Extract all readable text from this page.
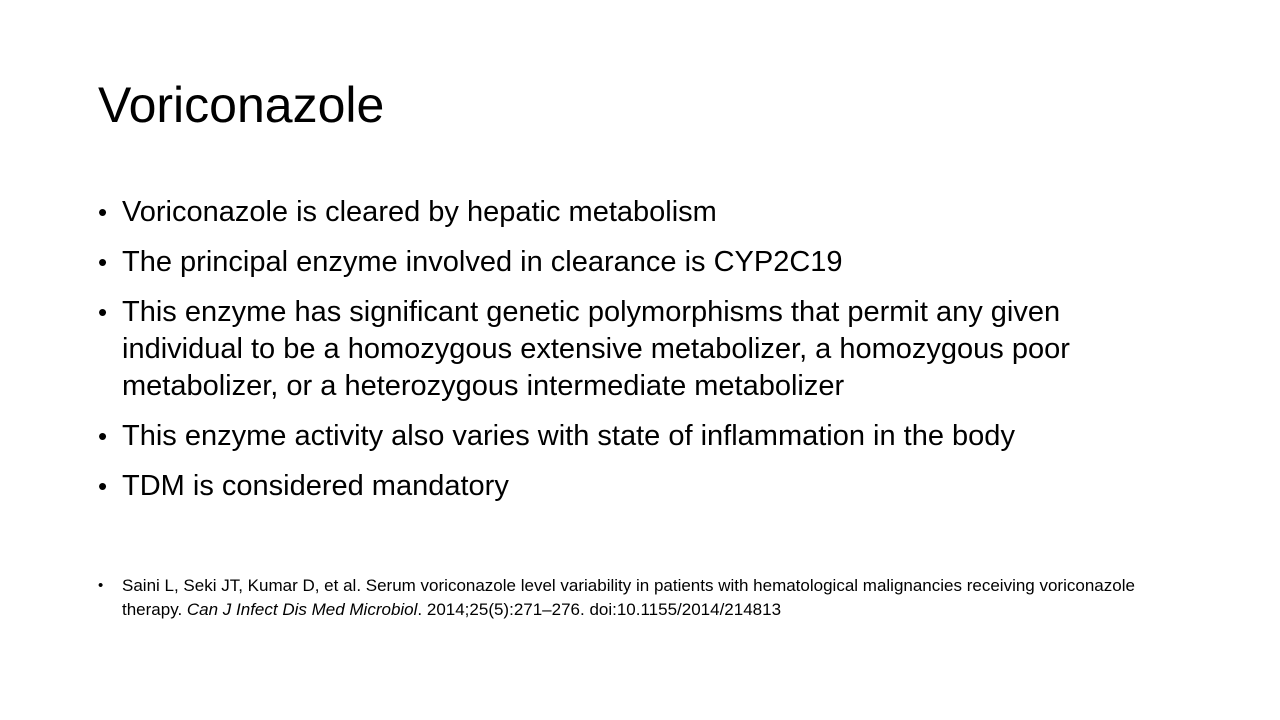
Voriconazole
• Voriconazole is cleared by hepatic metabolism
• The principal enzyme involved in clearance is CYP2C19
• This enzyme has significant genetic polymorphisms that permit any given individual to be a homozygous extensive metabolizer, a homozygous poor metabolizer, or a heterozygous intermediate metabolizer
• This enzyme activity also varies with state of inflammation in the body
• TDM is considered mandatory
• Saini L, Seki JT, Kumar D, et al. Serum voriconazole level variability in patients with hematological malignancies receiving voriconazole therapy. Can J Infect Dis Med Microbiol. 2014;25(5):271–276. doi:10.1155/2014/214813
